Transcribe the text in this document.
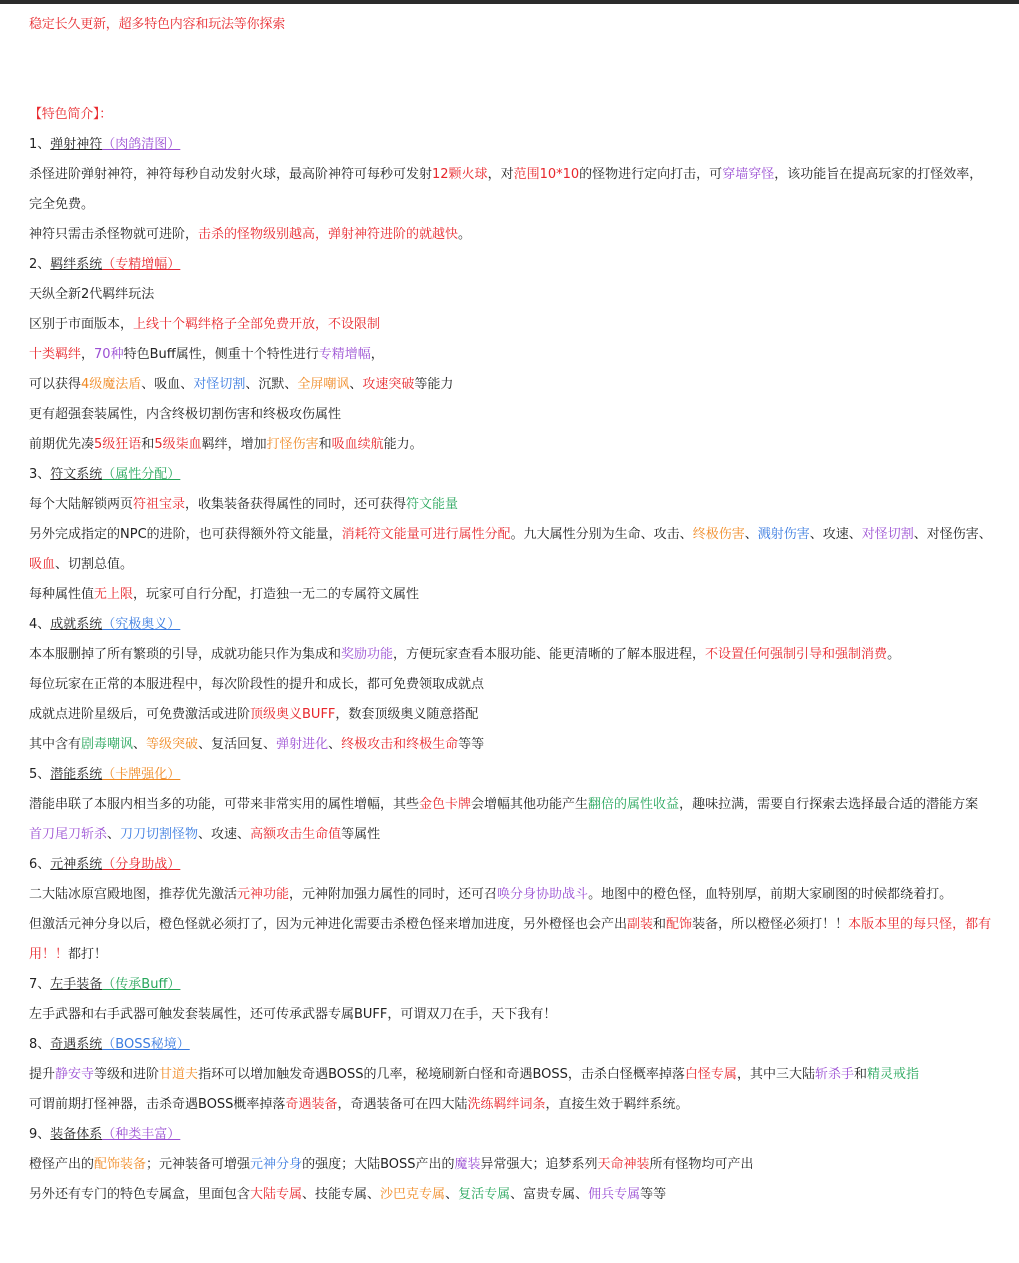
稳定长久更新，超多特色内容和玩法等你探索

【特色简介】：

1、弹射神符（肉鸽清图）

杀怪进阶弹射神符，神符每秒自动发射火球，最高阶神符可每秒可发射12颗火球，对范围10*10的怪物进行定向打击，可穿墙穿怪，该功能旨在提高玩家的打怪效率，完全免费。

神符只需击杀怪物就可进阶，击杀的怪物级别越高，弹射神符进阶的就越快。

2、羁绊系统（专精增幅）

天纵全新2代羁绊玩法

区别于市面版本，上线十个羁绊格子全部免费开放，不设限制

十类羁绊，70种特色Buff属性，侧重十个特性进行专精增幅，

可以获得4级魔法盾、吸血、对怪切割、沉默、全屏嘲讽、攻速突破等能力

更有超强套装属性，内含终极切割伤害和终极攻伤属性

前期优先凑5级狂语和5级柒血羁绊，增加打怪伤害和吸血续航能力。

3、符文系统（属性分配）

每个大陆解锁两页符祖宝录，收集装备获得属性的同时，还可获得符文能量

另外完成指定的NPC的进阶，也可获得额外符文能量，消耗符文能量可进行属性分配。九大属性分别为生命、攻击、终极伤害、溅射伤害、攻速、对怪切割、对怪伤害、吸血、切割总值。

每种属性值无上限，玩家可自行分配，打造独一无二的专属符文属性

4、成就系统（究极奥义）

本本服删掉了所有繁琐的引导，成就功能只作为集成和奖励功能，方便玩家查看本服功能、能更清晰的了解本服进程，不设置任何强制引导和强制消费。

每位玩家在正常的本服进程中，每次阶段性的提升和成长，都可免费领取成就点

成就点进阶星级后，可免费激活或进阶顶级奥义BUFF，数套顶级奥义随意搭配

其中含有剧毒嘲讽、等级突破、复活回复、弹射进化、终极攻击和终极生命等等

5、潜能系统（卡牌强化）

潜能串联了本服内相当多的功能，可带来非常实用的属性增幅，其些金色卡牌会增幅其他功能产生翻倍的属性收益，趣味拉满，需要自行探索去选择最合适的潜能方案

首刀尾刀斩杀、刀刀切割怪物、攻速、高额攻击生命值等属性

6、元神系统（分身助战）

二大陆冰原宫殿地图，推荐优先激活元神功能，元神附加强力属性的同时，还可召唤分身协助战斗。地图中的橙色怪，血特别厚，前期大家刷图的时候都绕着打。

但激活元神分身以后，橙色怪就必须打了，因为元神进化需要击杀橙色怪来增加进度，另外橙怪也会产出副装和配饰装备，所以橙怪必须打！！本版本里的每只怪，都有用！！都打！

7、左手装备（传承Buff）

左手武器和右手武器可触发套装属性，还可传承武器专属BUFF，可谓双刀在手，天下我有！

8、奇遇系统（BOSS秘境）

提升静安寺等级和进阶甘道夫指环可以增加触发奇遇BOSS的几率，秘境刷新白怪和奇遇BOSS，击杀白怪概率掉落白怪专属，其中三大陆斩杀手和精灵戒指

可谓前期打怪神器，击杀奇遇BOSS概率掉落奇遇装备，奇遇装备可在四大陆洗练羁绊词条，直接生效于羁绊系统。

9、装备体系（种类丰富）

橙怪产出的配饰装备；元神装备可增强元神分身的强度；大陆BOSS产出的魔装异常强大；追梦系列天命神装所有怪物均可产出

另外还有专门的特色专属盒，里面包含大陆专属、技能专属、沙巴克专属、复活专属、富贵专属、佣兵专属等等
